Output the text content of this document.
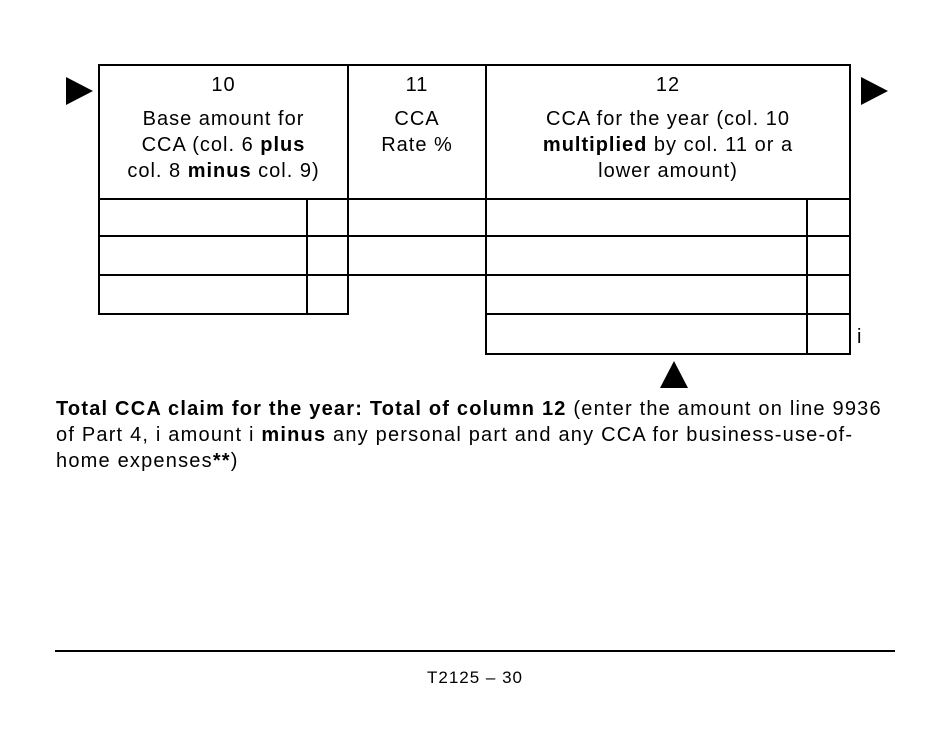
10
Base amount for
CCA (col. 6 plus
col. 8 minus col. 9)
11
CCA
Rate %
12
CCA for the year (col. 10
multiplied by col. 11 or a
lower amount)
i
Total CCA claim for the year: Total of column 12 (enter the amount on line 9936 of Part 4, i amount i minus any personal part and any CCA for business-use-of-home expenses**)
T2125 – 30
